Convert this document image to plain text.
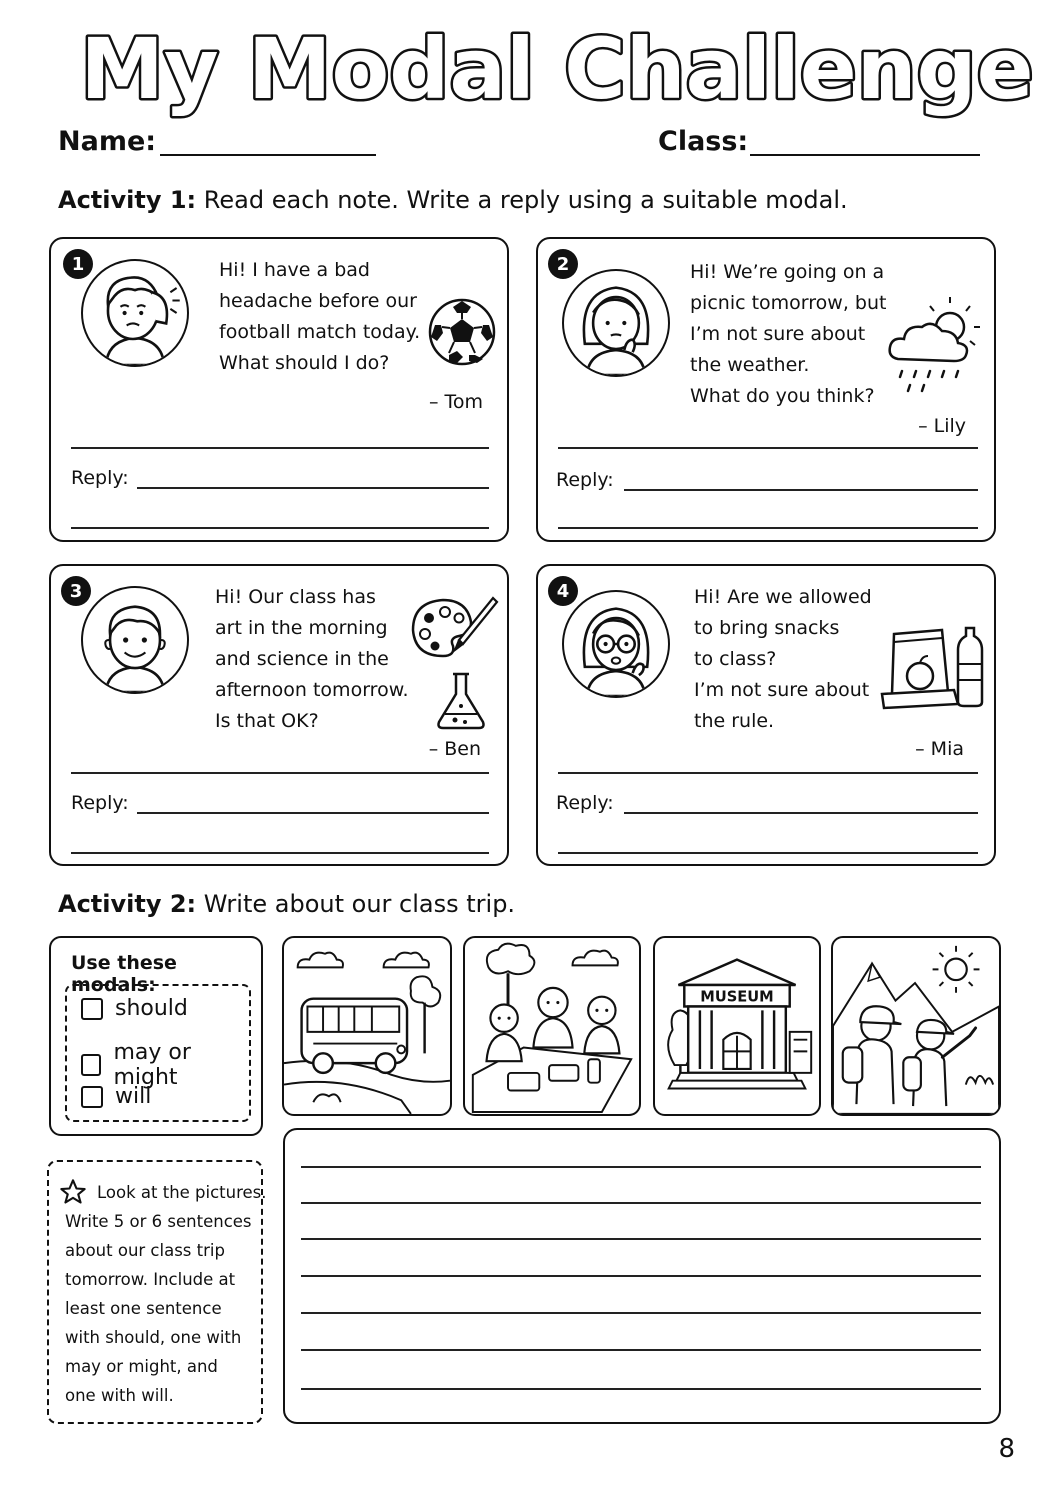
My Modal Challenge
Name:	Class:
Activity 1: Read each note. Write a reply using a suitable modal.
1	Hi! I have a bad
headache before our
football match today.
What should I do?
– Tom
Reply:
2	Hi! We’re going on a
picnic tomorrow, but
I’m not sure about
the weather.
What do you think?
– Lily
Reply:
3	Hi! Our class has
art in the morning
and science in the
afternoon tomorrow.
Is that OK?
– Ben
Reply:
4	Hi! Are we allowed
to bring snacks
to class?
I’m not sure about
the rule.
– Mia
Reply:
Activity 2: Write about our class trip.
Use these modals:
should
may or might
will
MUSEUM
Look at the pictures.
Write 5 or 6 sentences
about our class trip
tomorrow. Include at
least one sentence
with should, one with
may or might, and
one with will.
8
